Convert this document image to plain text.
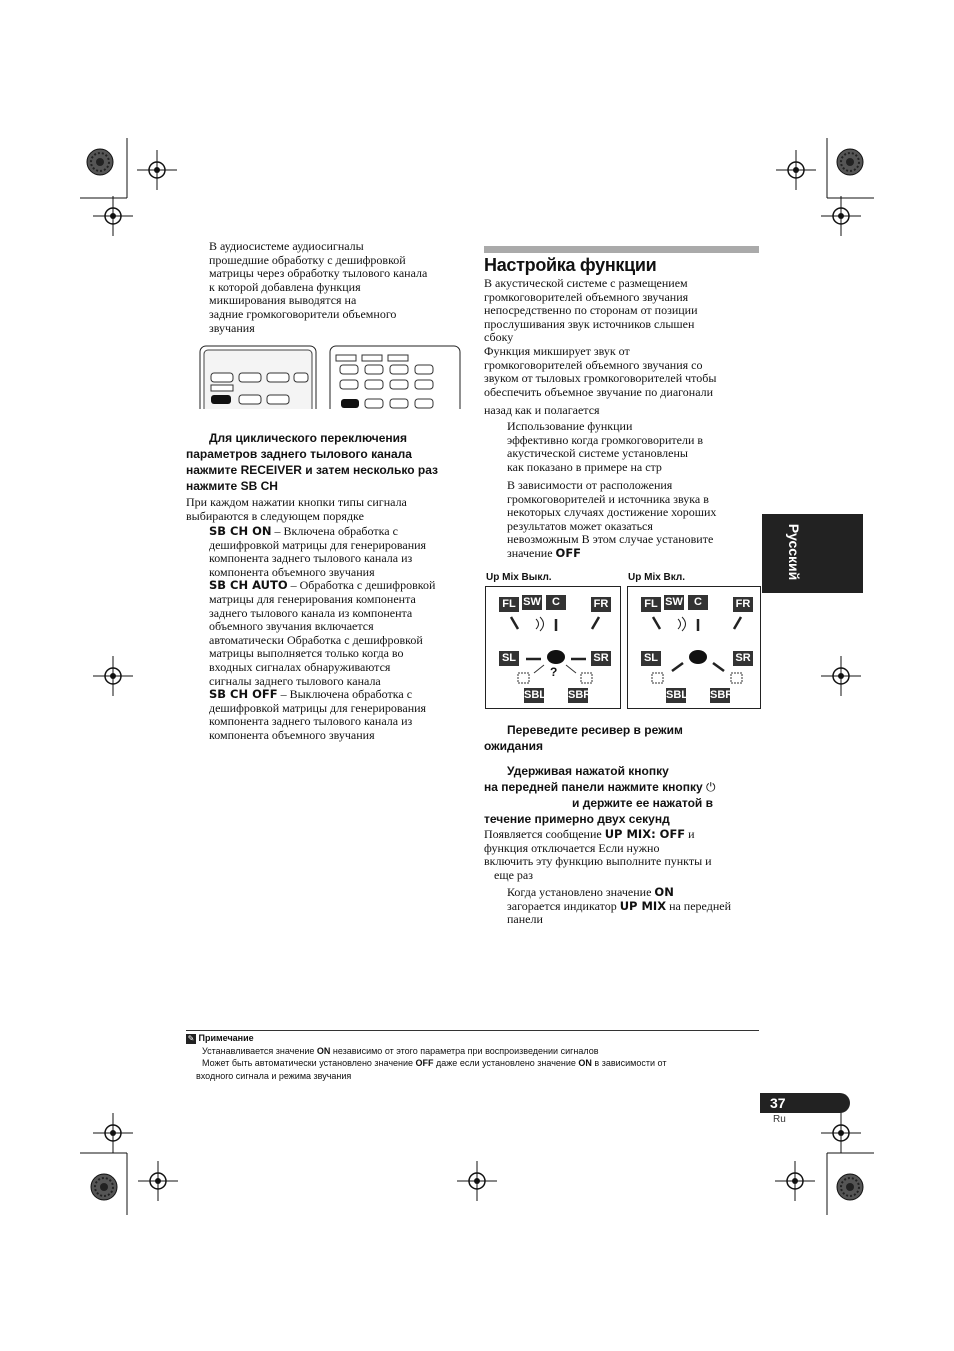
В аудиосистеме аудиосигналы
прошедшие обработку с дешифровкой
матрицы через обработку тылового канала
к которой добавлена функция
микширования выводятся на
задние громкоговорители объемного
звучания
Для циклического переключения
параметров заднего тылового канала
нажмите RECEIVER и затем несколько раз
нажмите SB CH
При каждом нажатии кнопки типы сигнала
выбираются в следующем порядке
SB CH ON – Включена обработка с
дешифровкой матрицы для генерирования
компонента заднего тылового канала из
компонента объемного звучания
SB CH AUTO – Обработка с дешифровкой
матрицы для генерирования компонента
заднего тылового канала из компонента
объемного звучания включается
автоматически Обработка с дешифровкой
матрицы выполняется только когда во
входных сигналах обнаруживаются
сигналы заднего тылового канала
SB CH OFF – Выключена обработка с
дешифровкой матрицы для генерирования
компонента заднего тылового канала из
компонента объемного звучания
Настройка функции
В акустической системе с размещением
громкоговорителей объемного звучания
непосредственно по сторонам от позиции
прослушивания звук источников слышен
сбоку
Функция микширует звук от
громкоговорителей объемного звучания со
звуком от тыловых громкоговорителей чтобы
обеспечить объемное звучание по диагонали
назад как и полагается
Использование функции
эффективно когда громкоговорители в
акустической системе установлены
как показано в примере на стр
В зависимости от расположения
громкоговорителей и источника звука в
некоторых случаях достижение хороших
результатов может оказаться
невозможным В этом случае установите
значение OFF
Up Mix Выкл.	Up Mix Вкл.
FL SW	C	FR
SL	SR
SBL SBR
?
FL SW	C	FR
SL	SR
SBL SBR
Переведите ресивер в режим
ожидания
Удерживая нажатой кнопку
на передней панели нажмите кнопку ⏻
и держите ее нажатой в
течение примерно двух секунд
Появляется сообщение UP MIX: OFF и
функция отключается Если нужно
включить эту функцию выполните пункты и
еще раз
Когда установлено значение ON
загорается индикатор UP MIX на передней
панели
Русский
✎ Примечание
Устанавливается значение ON независимо от этого параметра при воспроизведении сигналов
Может быть автоматически установлено значение OFF даже если установлено значение ON в зависимости от
входного сигнала и режима звучания
37
Ru
